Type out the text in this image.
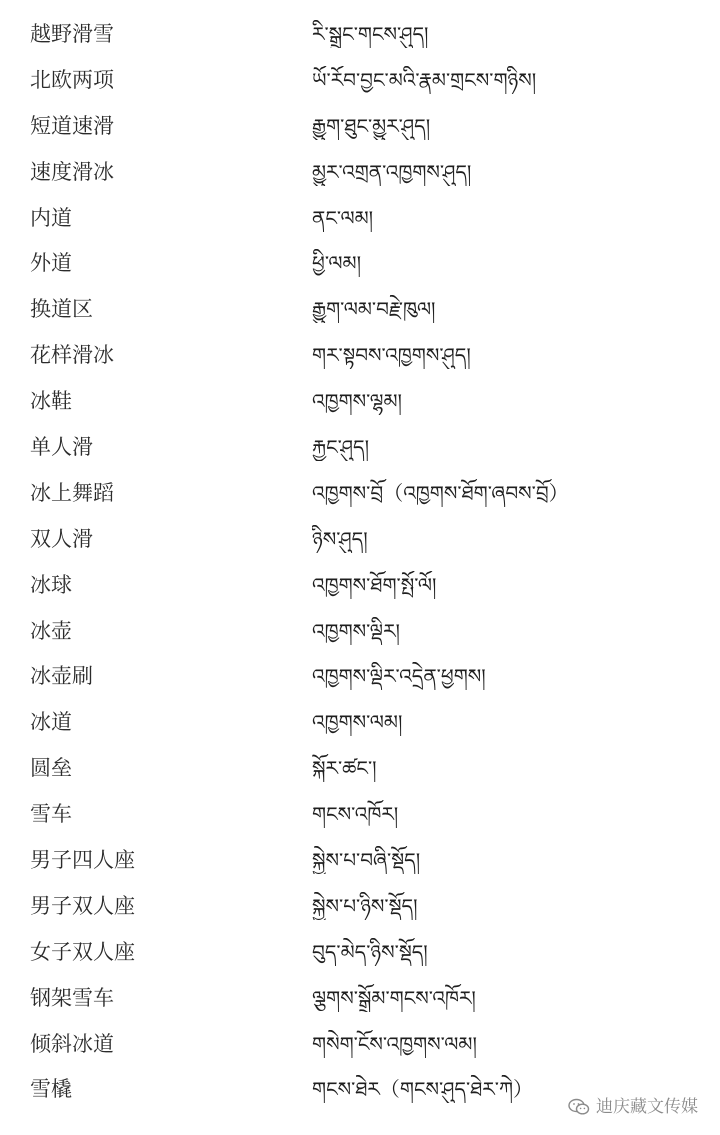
越野滑雪	རི་སྒྲུང་གངས་ཤུད།
北欧两项	ཡོ་རོབ་བྱང་མའི་རྣམ་གྲངས་གཉིས།
短道速滑	རྒྱུག་ཐུང་མྱུར་ཤུད།
速度滑冰	མྱུར་འགྲན་འཁྱགས་ཤུད།
内道	ནང་ལམ།
外道	ཕྱི་ལམ།
换道区	རྒྱུག་ལམ་བརྗེ་ཁུལ།
花样滑冰	གར་སྟབས་འཁྱགས་ཤུད།
冰鞋	འཁྱགས་ལྷམ།
单人滑	རྐྱང་ཤུད།
冰上舞蹈	འཁྱགས་བྲོ（འཁྱགས་ཐོག་ཞབས་བྲོ）
双人滑	ཉིས་ཤུད།
冰球	འཁྱགས་ཐོག་སྤོ་ལོ།
冰壶	འཁྱགས་ལྡིར།
冰壶刷	འཁྱགས་ལྡིར་འདྲེན་ཕྱགས།
冰道	འཁྱགས་ལམ།
圆垒	སྐོར་ཚང་།
雪车	གངས་འཁོར།
男子四人座	སྐྱེས་པ་བཞི་སྡོད།
男子双人座	སྐྱེས་པ་ཉིས་སྡོད།
女子双人座	བུད་མེད་ཉིས་སྡོད།
钢架雪车	ལྕགས་སྒྲོམ་གངས་འཁོར།
倾斜冰道	གསེག་ངོས་འཁྱགས་ལམ།
雪橇	གངས་ཐེར（གངས་ཤུད་ཐེར་ཀེ）
迪庆藏文传媒
